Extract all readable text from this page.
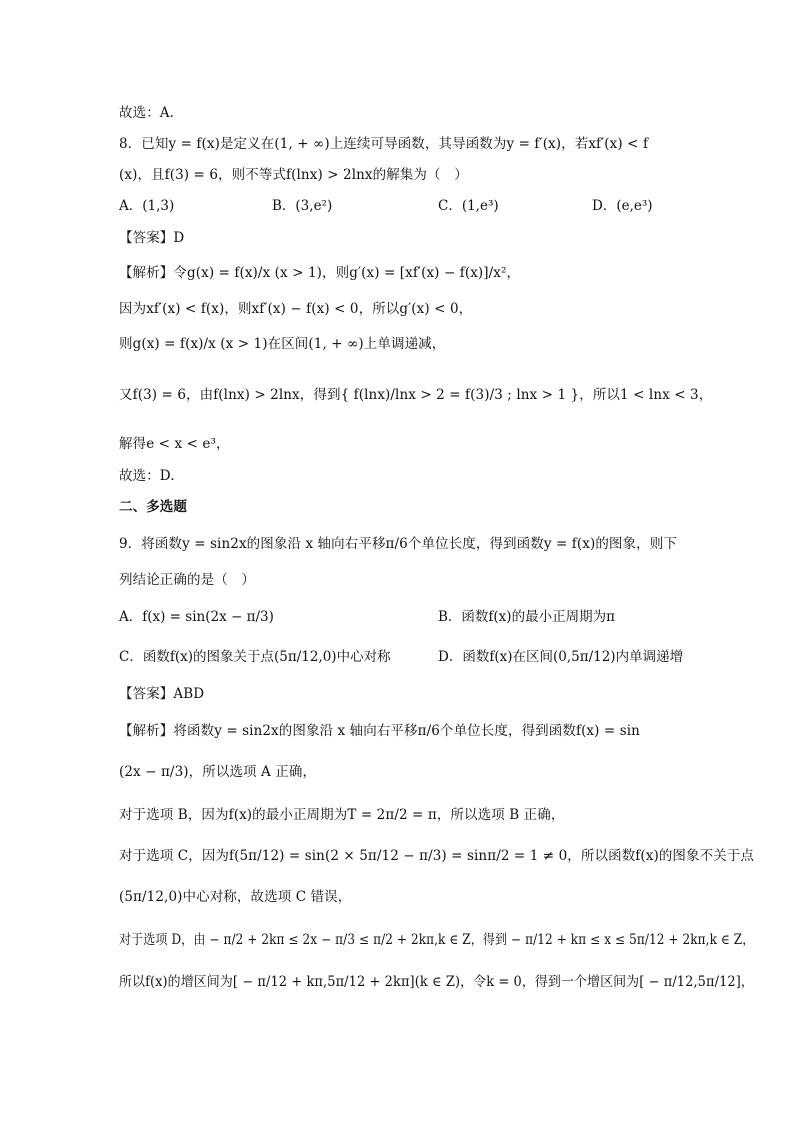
故选：A.
8．已知y = f(x)是定义在(1, + ∞)上连续可导函数，其导函数为y = f′(x)，若xf′(x) < f
(x)，且f(3) = 6，则不等式f(lnx) > 2lnx的解集为（　）
A．(1,3)	B．(3,e²)	C．(1,e³)	D．(e,e³)
【答案】D
【解析】令g(x) = f(x)/x (x > 1)，则g′(x) = [xf′(x) − f(x)]/x²，
因为xf′(x) < f(x)，则xf′(x) − f(x) < 0，所以g′(x) < 0，
则g(x) = f(x)/x (x > 1)在区间(1, + ∞)上单调递减，
又f(3) = 6，由f(lnx) > 2lnx，得到{ f(lnx)/lnx > 2 = f(3)/3 ; lnx > 1 }，所以1 < lnx < 3，
解得e < x < e³，
故选：D.
二、多选题
9．将函数y = sin2x的图象沿 x 轴向右平移π/6个单位长度，得到函数y = f(x)的图象，则下
列结论正确的是（　）
A．f(x) = sin(2x − π/3)	B．函数f(x)的最小正周期为π
C．函数f(x)的图象关于点(5π/12,0)中心对称	D．函数f(x)在区间(0,5π/12)内单调递增
【答案】ABD
【解析】将函数y = sin2x的图象沿 x 轴向右平移π/6个单位长度，得到函数f(x) = sin
(2x − π/3)，所以选项 A 正确，
对于选项 B，因为f(x)的最小正周期为T = 2π/2 = π，所以选项 B 正确，
对于选项 C，因为f(5π/12) = sin(2 × 5π/12 − π/3) = sinπ/2 = 1 ≠ 0，所以函数f(x)的图象不关于点
(5π/12,0)中心对称，故选项 C 错误，
对于选项 D，由 − π/2 + 2kπ ≤ 2x − π/3 ≤ π/2 + 2kπ,k ∈ Z，得到 − π/12 + kπ ≤ x ≤ 5π/12 + 2kπ,k ∈ Z，
所以f(x)的增区间为[ − π/12 + kπ,5π/12 + 2kπ](k ∈ Z)，令k = 0，得到一个增区间为[ − π/12,5π/12]，
